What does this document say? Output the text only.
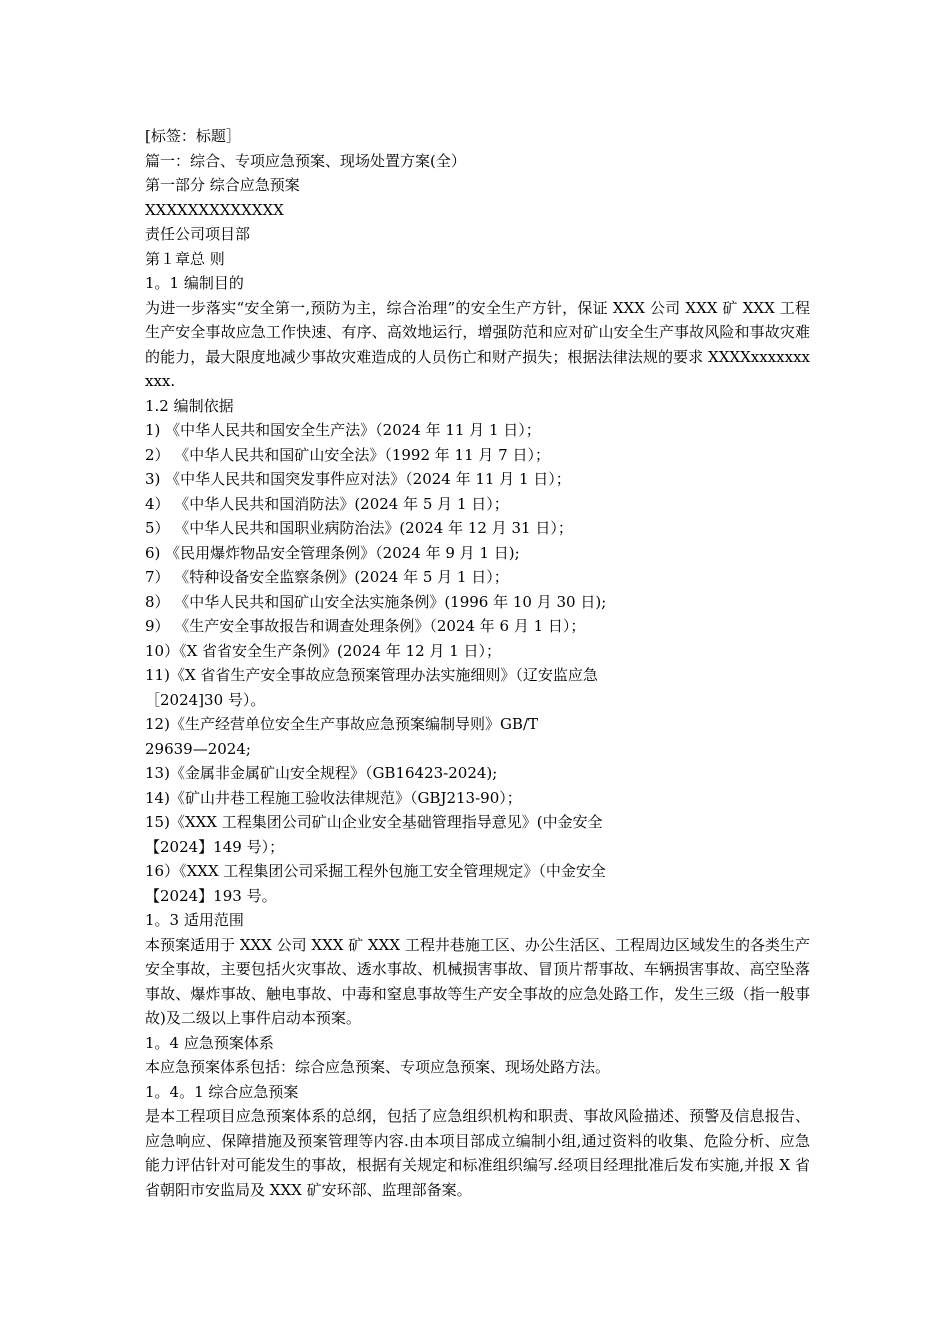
[标签：标题］
篇一：综合、专项应急预案、现场处置方案(全）
第一部分 综合应急预案
XXXXXXXXXXXXX
责任公司项目部
第１章总 则
1。1 编制目的
为进一步落实“安全第一,预防为主，综合治理”的安全生产方针，保证 XXX 公司 XXX 矿 XXX 工程生产安全事故应急工作快速、有序、高效地运行，增强防范和应对矿山安全生产事故风险和事故灾难的能力，最大限度地减少事故灾难造成的人员伤亡和财产损失；根据法律法规的要求 XXXXxxxxxxxxxx.
1.2 编制依据
1) 《中华人民共和国安全生产法》（2024 年 11 月 1 日）；
2） 《中华人民共和国矿山安全法》（1992 年 11 月 7 日）；
3) 《中华人民共和国突发事件应对法》（2024 年 11 月 1 日）；
4） 《中华人民共和国消防法》(2024 年 5 月 1 日）；
5） 《中华人民共和国职业病防治法》(2024 年 12 月 31 日）；
6) 《民用爆炸物品安全管理条例》（2024 年 9 月 1 日);
7） 《特种设备安全监察条例》(2024 年 5 月 1 日）；
8） 《中华人民共和国矿山安全法实施条例》(1996 年 10 月 30 日);
9） 《生产安全事故报告和调查处理条例》（2024 年 6 月 1 日）；
10）《X 省省安全生产条例》(2024 年 12 月 1 日）；
11)《X 省省生产安全事故应急预案管理办法实施细则》（辽安监应急
［2024]30 号）。
12)《生产经营单位安全生产事故应急预案编制导则》GB/T
29639—2024;
13)《金属非金属矿山安全规程》（GB16423-2024);
14)《矿山井巷工程施工验收法律规范》（GBJ213-90）；
15)《XXX 工程集团公司矿山企业安全基础管理指导意见》(中金安全
【2024】149 号）；
16）《XXX 工程集团公司采掘工程外包施工安全管理规定》（中金安全
【2024】193 号。
1。3 适用范围
本预案适用于 XXX 公司 XXX 矿 XXX 工程井巷施工区、办公生活区、工程周边区域发生的各类生产安全事故，主要包括火灾事故、透水事故、机械损害事故、冒顶片帮事故、车辆损害事故、高空坠落事故、爆炸事故、触电事故、中毒和窒息事故等生产安全事故的应急处路工作，发生三级（指一般事故)及二级以上事件启动本预案。
1。4 应急预案体系
本应急预案体系包括：综合应急预案、专项应急预案、现场处路方法。
1。4。1 综合应急预案
是本工程项目应急预案体系的总纲，包括了应急组织机构和职责、事故风险描述、预警及信息报告、应急响应、保障措施及预案管理等内容.由本项目部成立编制小组,通过资料的收集、危险分析、应急能力评估针对可能发生的事故，根据有关规定和标准组织编写.经项目经理批准后发布实施,并报 X 省省朝阳市安监局及 XXX 矿安环部、监理部备案。
